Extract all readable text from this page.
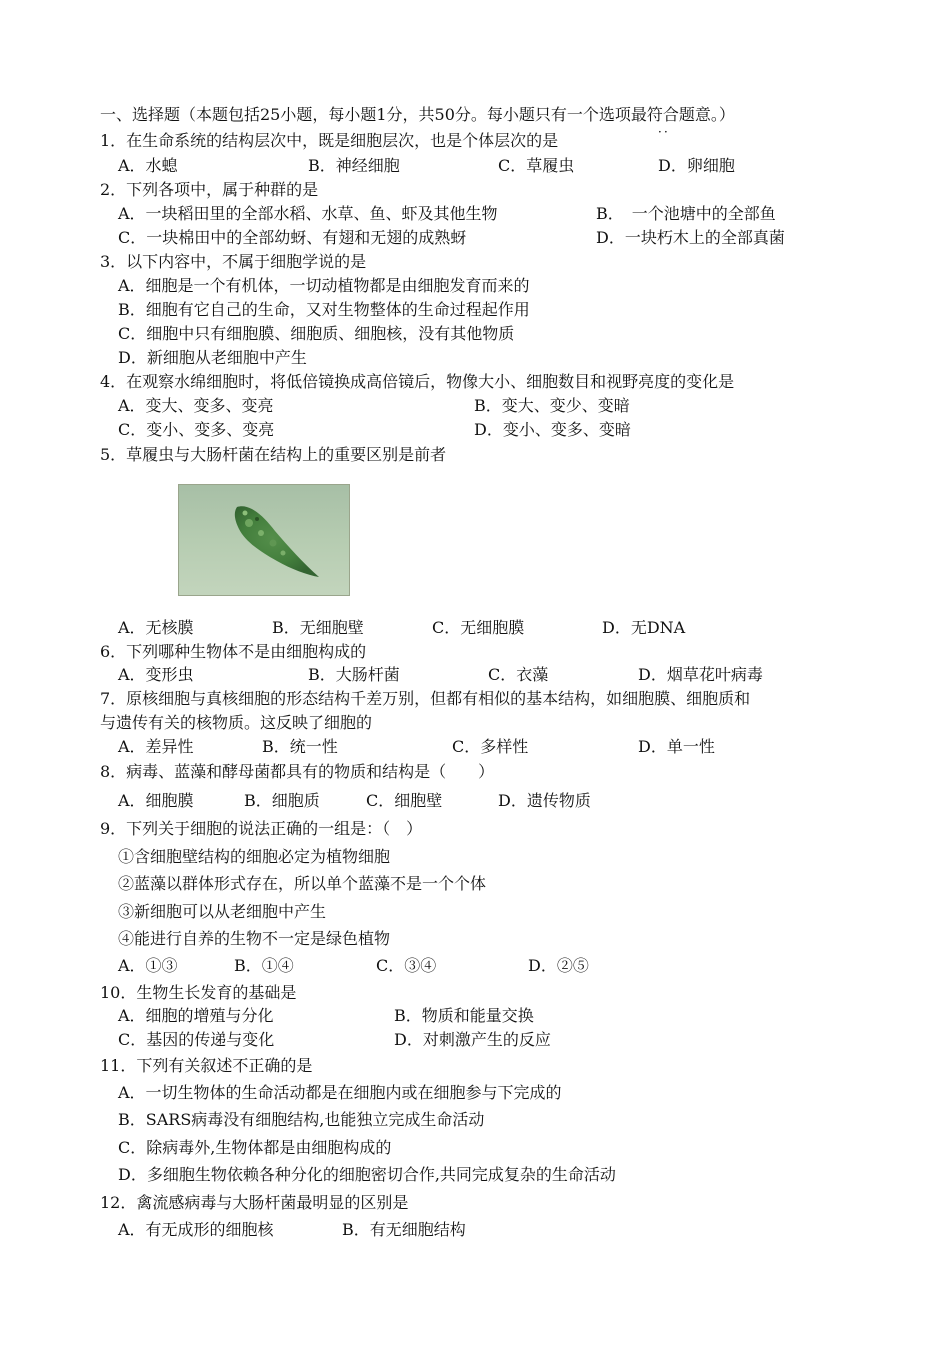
一、选择题（本题包括25小题，每小题1分，共50分。每小题只有一个选项最符合题意。）
．．
1．在生命系统的结构层次中，既是细胞层次，也是个体层次的是
A．水螅	B．神经细胞	C．草履虫	D．卵细胞
2．下列各项中，属于种群的是
A．一块稻田里的全部水稻、水草、鱼、虾及其他生物	B．　一个池塘中的全部鱼
C．一块棉田中的全部幼蚜、有翅和无翅的成熟蚜	D．一块朽木上的全部真菌
3．以下内容中，不属于细胞学说的是
A．细胞是一个有机体，一切动植物都是由细胞发育而来的
B．细胞有它自己的生命，又对生物整体的生命过程起作用
C．细胞中只有细胞膜、细胞质、细胞核，没有其他物质
D．新细胞从老细胞中产生
4．在观察水绵细胞时，将低倍镜换成高倍镜后，物像大小、细胞数目和视野亮度的变化是
A．变大、变多、变亮	B．变大、变少、变暗
C．变小、变多、变亮	D．变小、变多、变暗
5．草履虫与大肠杆菌在结构上的重要区别是前者
A．无核膜	B．无细胞壁	C．无细胞膜	D．无DNA
6．下列哪种生物体不是由细胞构成的
A．变形虫	B．大肠杆菌	C．衣藻	D．烟草花叶病毒
7．原核细胞与真核细胞的形态结构千差万别，但都有相似的基本结构，如细胞膜、细胞质和
与遗传有关的核物质。这反映了细胞的
A．差异性	B．统一性	C．多样性	D．单一性
8．病毒、蓝藻和酵母菌都具有的物质和结构是（　　）
A．细胞膜	B．细胞质	C．细胞壁	D．遗传物质
9．下列关于细胞的说法正确的一组是：（　）
①含细胞壁结构的细胞必定为植物细胞
②蓝藻以群体形式存在，所以单个蓝藻不是一个个体
③新细胞可以从老细胞中产生
④能进行自养的生物不一定是绿色植物
A．①③	B．①④	C．③④	D．②⑤
10．生物生长发育的基础是
A．细胞的增殖与分化	B．物质和能量交换
C．基因的传递与变化	D．对刺激产生的反应
11．下列有关叙述不正确的是
A．一切生物体的生命活动都是在细胞内或在细胞参与下完成的
B．SARS病毒没有细胞结构,也能独立完成生命活动
C．除病毒外,生物体都是由细胞构成的
D．多细胞生物依赖各种分化的细胞密切合作,共同完成复杂的生命活动
12．禽流感病毒与大肠杆菌最明显的区别是
A．有无成形的细胞核	B．有无细胞结构
